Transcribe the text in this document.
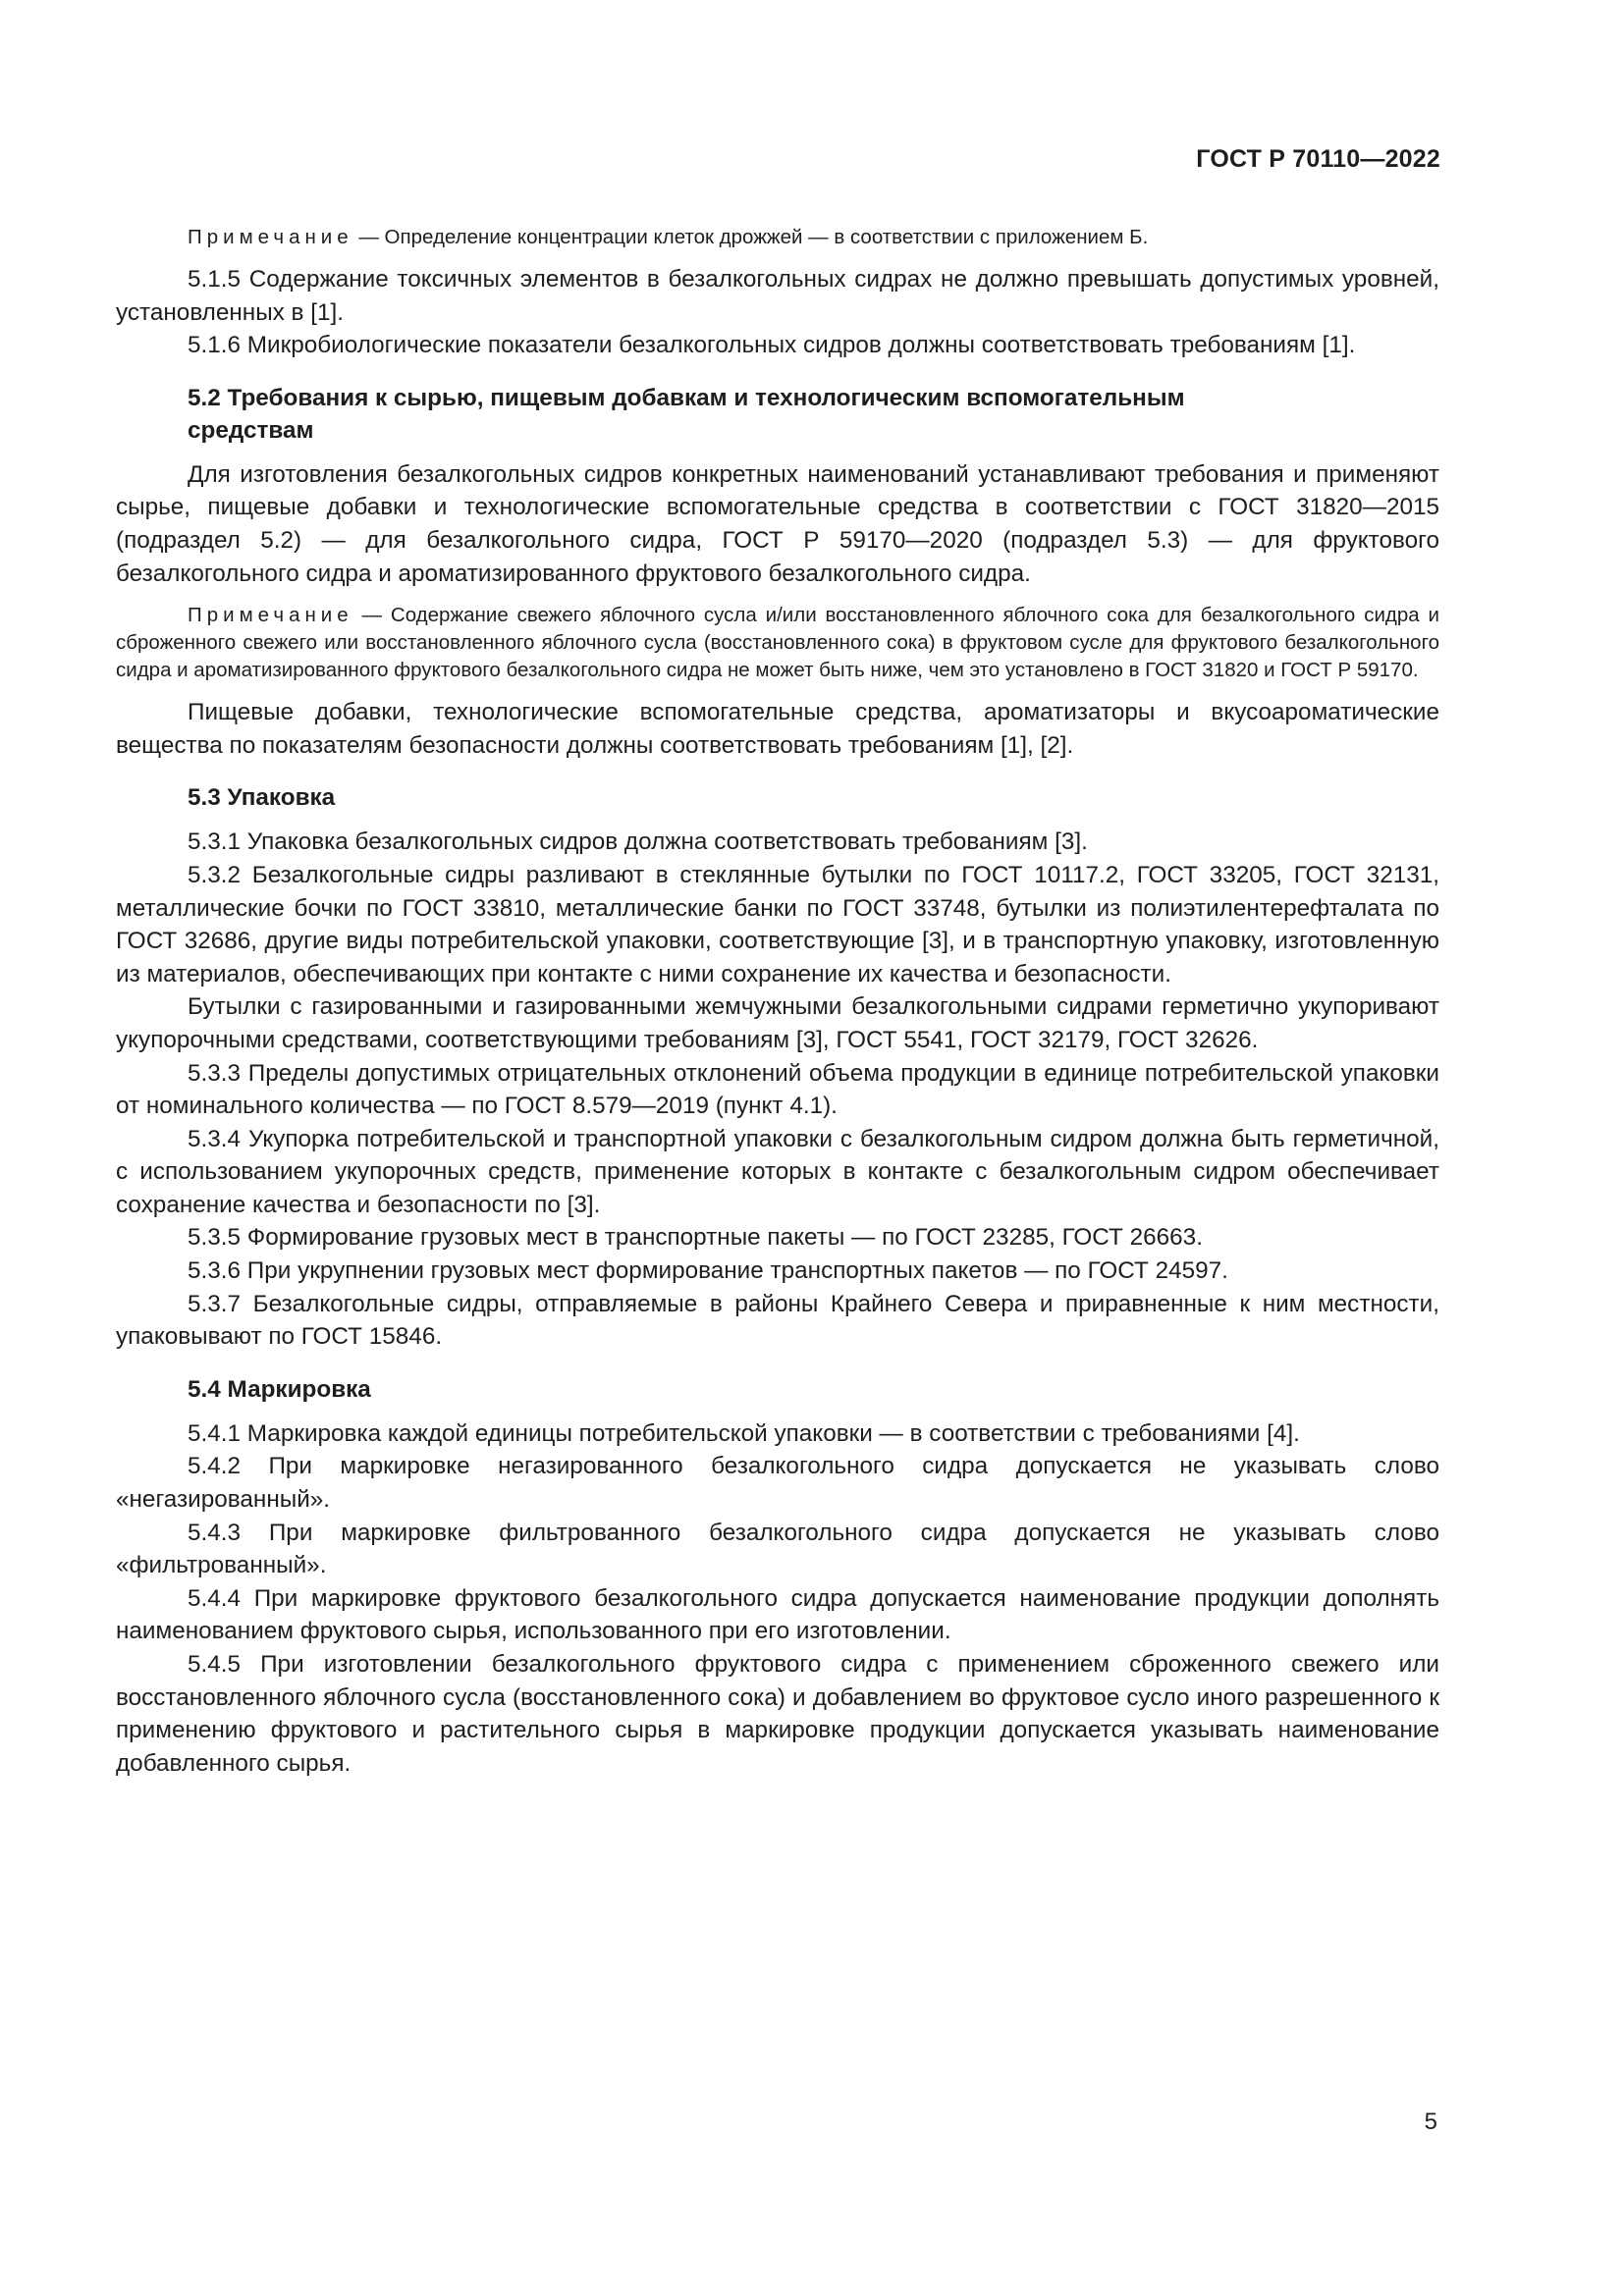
ГОСТ Р 70110—2022

Примечание — Определение концентрации клеток дрожжей — в соответствии с приложением Б.

5.1.5 Содержание токсичных элементов в безалкогольных сидрах не должно превышать допустимых уровней, установленных в [1].

5.1.6 Микробиологические показатели безалкогольных сидров должны соответствовать требованиям [1].

5.2 Требования к сырью, пищевым добавкам и технологическим вспомогательным
средствам

Для изготовления безалкогольных сидров конкретных наименований устанавливают требования и применяют сырье, пищевые добавки и технологические вспомогательные средства в соответствии с ГОСТ 31820—2015 (подраздел 5.2) — для безалкогольного сидра, ГОСТ Р 59170—2020 (подраздел 5.3) — для фруктового безалкогольного сидра и ароматизированного фруктового безалкогольного сидра.

Примечание — Содержание свежего яблочного сусла и/или восстановленного яблочного сока для безалкогольного сидра и сброженного свежего или восстановленного яблочного сусла (восстановленного сока) в фруктовом сусле для фруктового безалкогольного сидра и ароматизированного фруктового безалкогольного сидра не может быть ниже, чем это установлено в ГОСТ 31820 и ГОСТ Р 59170.

Пищевые добавки, технологические вспомогательные средства, ароматизаторы и вкусоароматические вещества по показателям безопасности должны соответствовать требованиям [1], [2].

5.3 Упаковка

5.3.1 Упаковка безалкогольных сидров должна соответствовать требованиям [3].

5.3.2 Безалкогольные сидры разливают в стеклянные бутылки по ГОСТ 10117.2, ГОСТ 33205, ГОСТ 32131, металлические бочки по ГОСТ 33810, металлические банки по ГОСТ 33748, бутылки из полиэтилентерефталата по ГОСТ 32686, другие виды потребительской упаковки, соответствующие [3], и в транспортную упаковку, изготовленную из материалов, обеспечивающих при контакте с ними сохранение их качества и безопасности.

Бутылки с газированными и газированными жемчужными безалкогольными сидрами герметично укупоривают укупорочными средствами, соответствующими требованиям [3], ГОСТ 5541, ГОСТ 32179, ГОСТ 32626.

5.3.3 Пределы допустимых отрицательных отклонений объема продукции в единице потребительской упаковки от номинального количества — по ГОСТ 8.579—2019 (пункт 4.1).

5.3.4 Укупорка потребительской и транспортной упаковки с безалкогольным сидром должна быть герметичной, с использованием укупорочных средств, применение которых в контакте с безалкогольным сидром обеспечивает сохранение качества и безопасности по [3].

5.3.5 Формирование грузовых мест в транспортные пакеты — по ГОСТ 23285, ГОСТ 26663.

5.3.6 При укрупнении грузовых мест формирование транспортных пакетов — по ГОСТ 24597.

5.3.7 Безалкогольные сидры, отправляемые в районы Крайнего Севера и приравненные к ним местности, упаковывают по ГОСТ 15846.

5.4 Маркировка

5.4.1 Маркировка каждой единицы потребительской упаковки — в соответствии с требованиями [4].

5.4.2 При маркировке негазированного безалкогольного сидра допускается не указывать слово «негазированный».

5.4.3 При маркировке фильтрованного безалкогольного сидра допускается не указывать слово «фильтрованный».

5.4.4 При маркировке фруктового безалкогольного сидра допускается наименование продукции дополнять наименованием фруктового сырья, использованного при его изготовлении.

5.4.5 При изготовлении безалкогольного фруктового сидра с применением сброженного свежего или восстановленного яблочного сусла (восстановленного сока) и добавлением во фруктовое сусло иного разрешенного к применению фруктового и растительного сырья в маркировке продукции допускается указывать наименование добавленного сырья.

5
